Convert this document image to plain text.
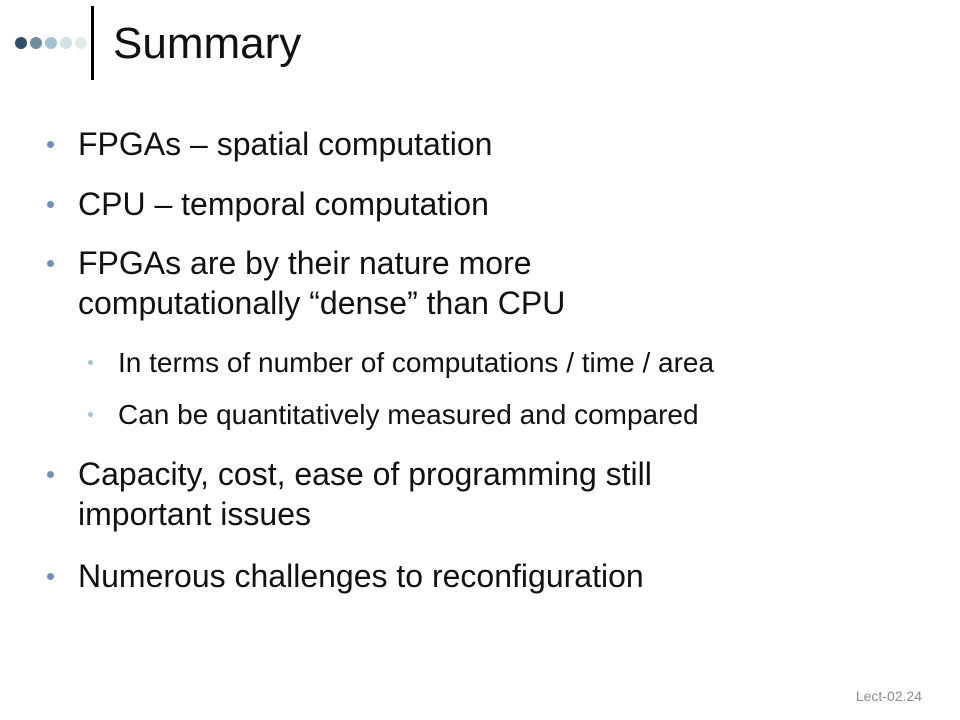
Summary
FPGAs – spatial computation
CPU – temporal computation
FPGAs are by their nature more
computationally “dense” than CPU
In terms of number of computations / time / area
Can be quantitatively measured and compared
Capacity, cost, ease of programming still
important issues
Numerous challenges to reconfiguration
Lect-02.24
